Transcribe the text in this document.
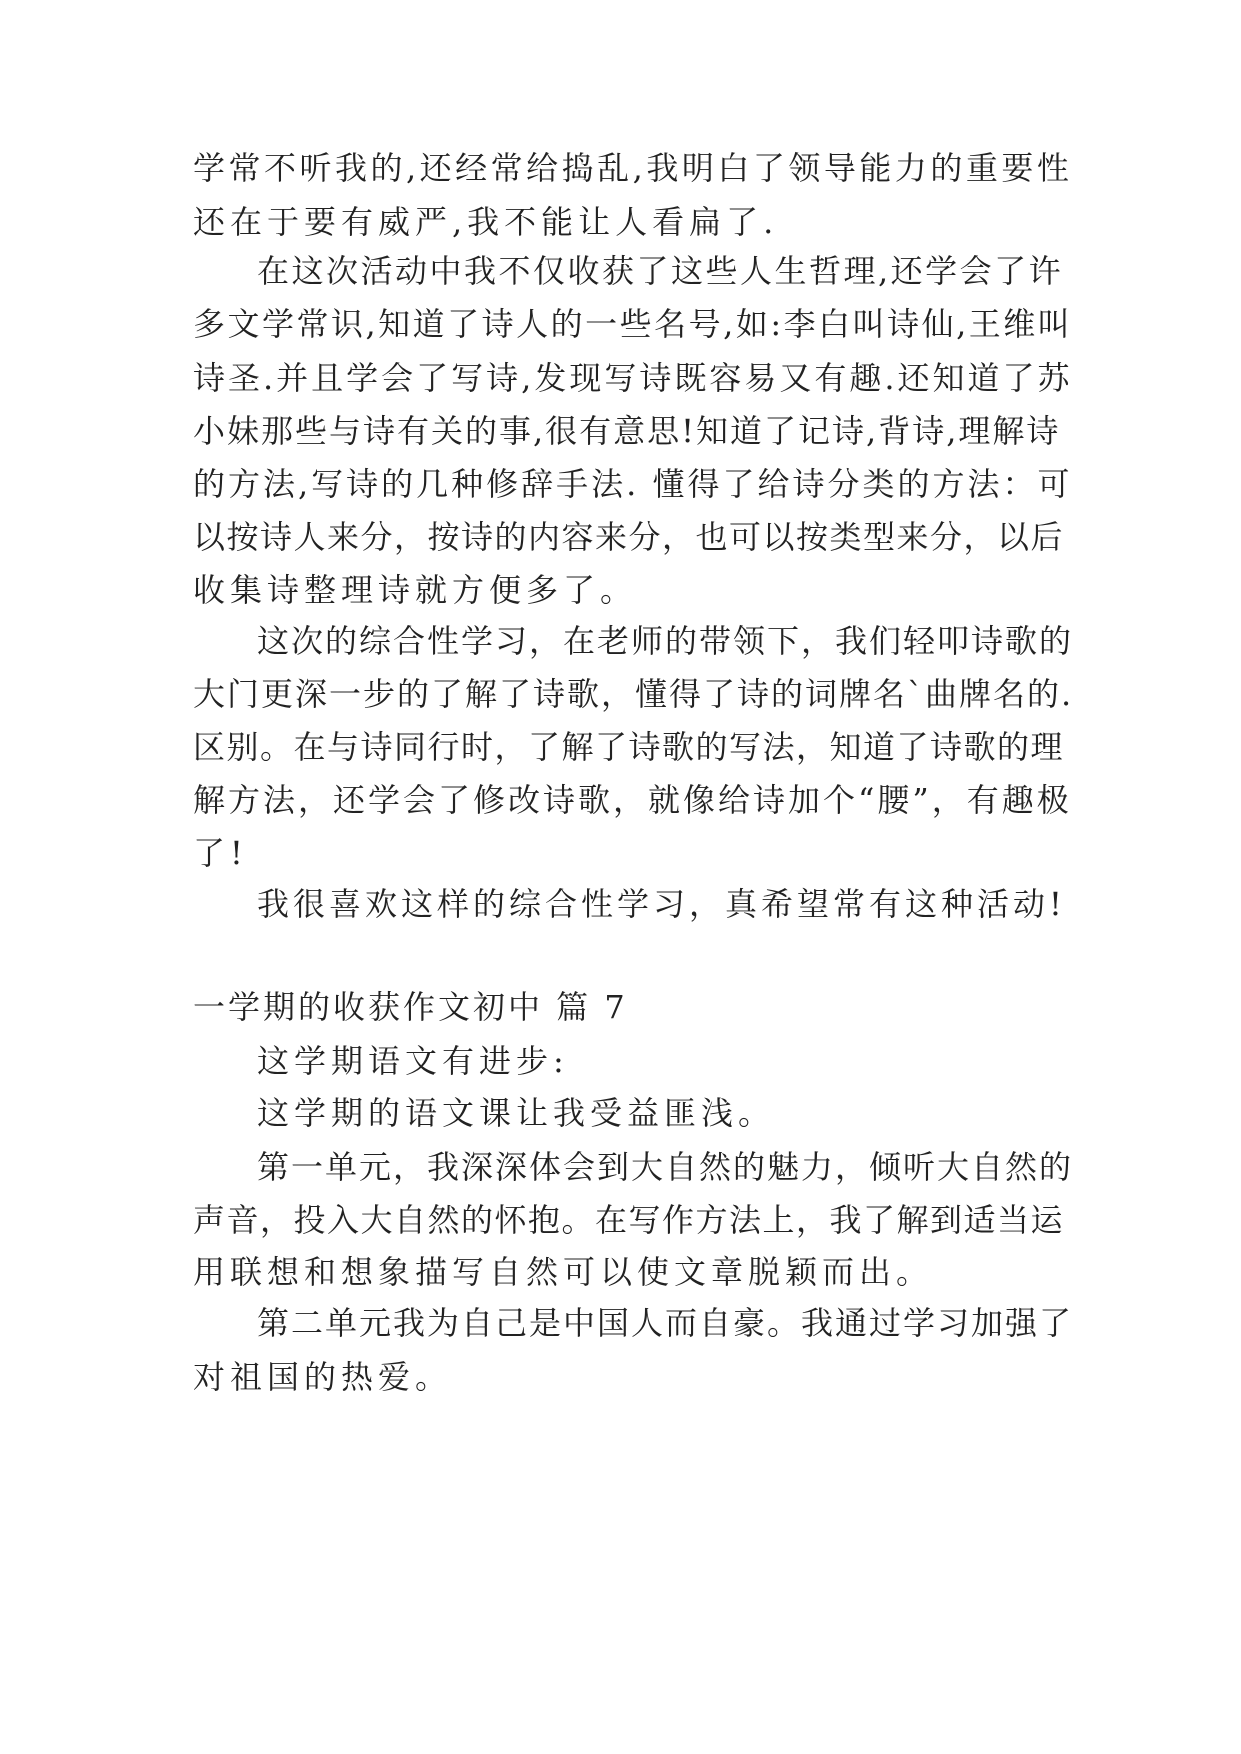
学常不听我的,还经常给捣乱,我明白了领导能力的重要性
还在于要有威严,我不能让人看扁了.
在这次活动中我不仅收获了这些人生哲理,还学会了许
多文学常识,知道了诗人的一些名号,如:李白叫诗仙,王维叫
诗圣.并且学会了写诗,发现写诗既容易又有趣.还知道了苏
小妹那些与诗有关的事,很有意思!知道了记诗,背诗,理解诗
的方法,写诗的几种修辞手法. 懂得了给诗分类的方法：可
以按诗人来分，按诗的内容来分，也可以按类型来分，以后
收集诗整理诗就方便多了。
这次的综合性学习，在老师的带领下，我们轻叩诗歌的
大门更深一步的了解了诗歌，懂得了诗的词牌名`曲牌名的.
区别。在与诗同行时，了解了诗歌的写法，知道了诗歌的理
解方法，还学会了修改诗歌，就像给诗加个“腰”，有趣极
了!
我很喜欢这样的综合性学习，真希望常有这种活动!
一学期的收获作文初中 篇 7
这学期语文有进步:
这学期的语文课让我受益匪浅。
第一单元，我深深体会到大自然的魅力，倾听大自然的
声音，投入大自然的怀抱。在写作方法上，我了解到适当运
用联想和想象描写自然可以使文章脱颖而出。
第二单元我为自己是中国人而自豪。我通过学习加强了
对祖国的热爱。
